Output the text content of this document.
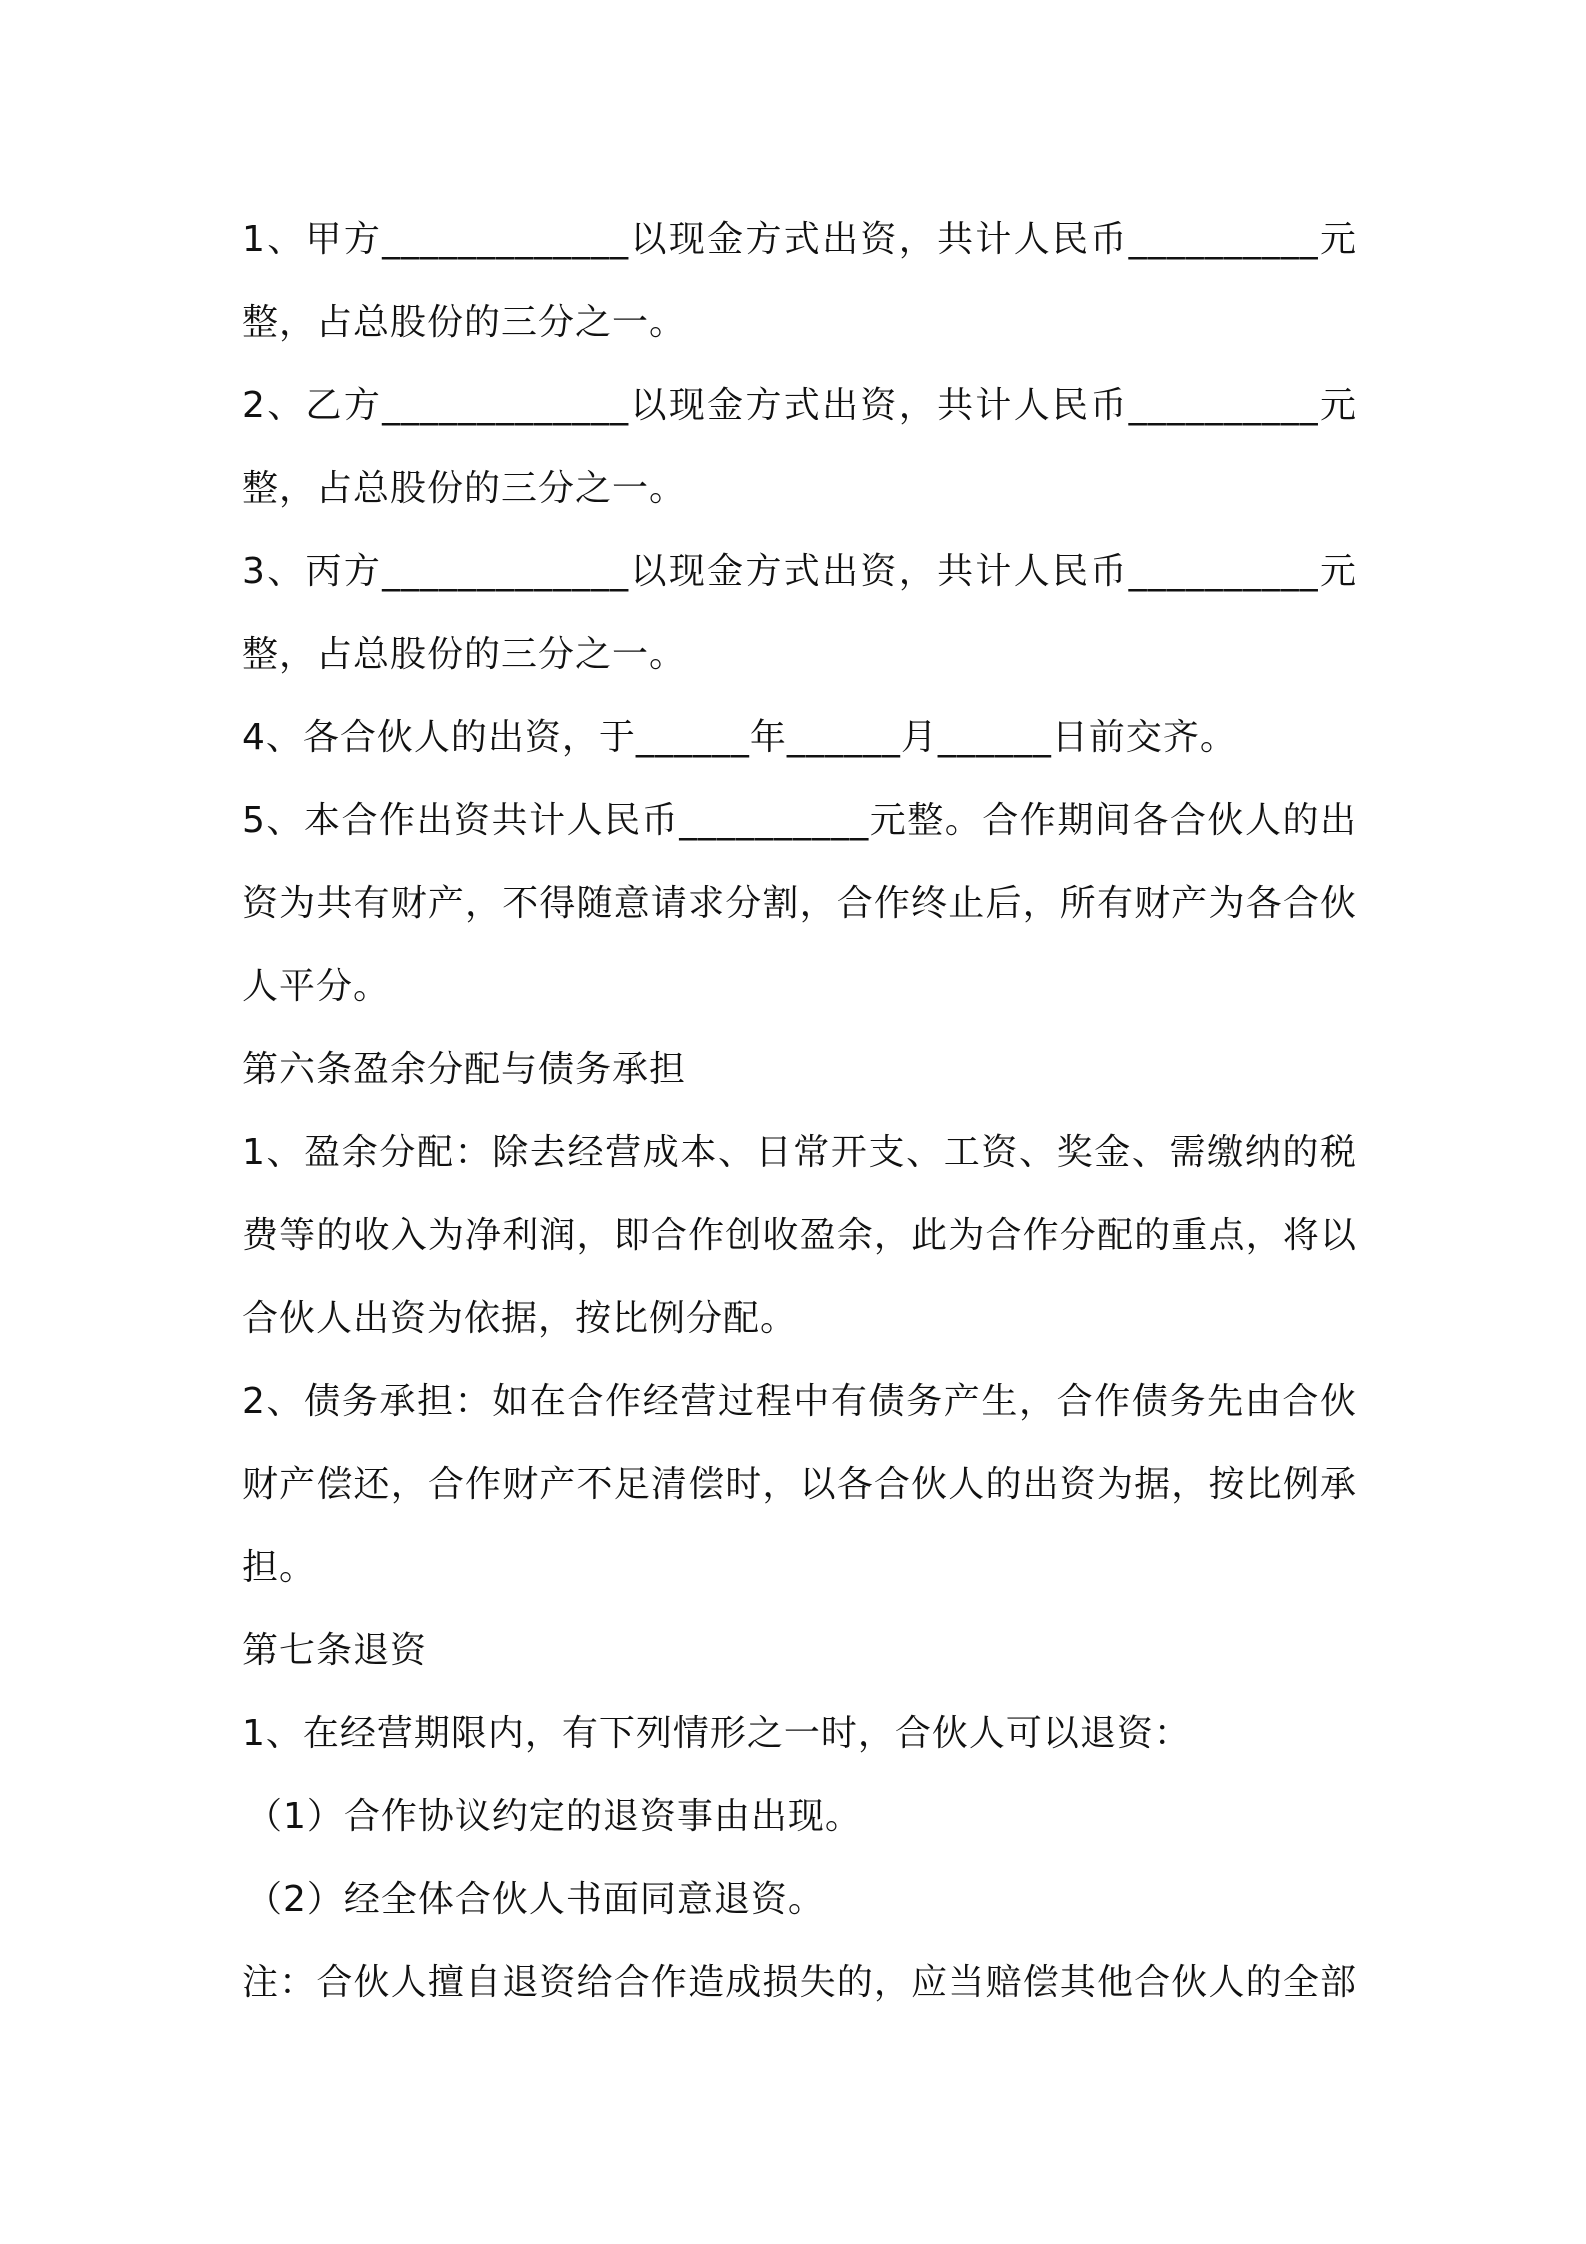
1、甲方_____________以现金方式出资，共计人民币__________元
整，占总股份的三分之一。
2、乙方_____________以现金方式出资，共计人民币__________元
整，占总股份的三分之一。
3、丙方_____________以现金方式出资，共计人民币__________元
整，占总股份的三分之一。
4、各合伙人的出资，于______年______月______日前交齐。
5、本合作出资共计人民币__________元整。合作期间各合伙人的出
资为共有财产，不得随意请求分割，合作终止后，所有财产为各合伙
人平分。
第六条盈余分配与债务承担
1、盈余分配：除去经营成本、日常开支、工资、奖金、需缴纳的税
费等的收入为净利润，即合作创收盈余，此为合作分配的重点，将以
合伙人出资为依据，按比例分配。
2、债务承担：如在合作经营过程中有债务产生，合作债务先由合伙
财产偿还，合作财产不足清偿时，以各合伙人的出资为据，按比例承
担。
第七条退资
1、在经营期限内，有下列情形之一时，合伙人可以退资：
（1）合作协议约定的退资事由出现。
（2）经全体合伙人书面同意退资。
注：合伙人擅自退资给合作造成损失的，应当赔偿其他合伙人的全部
